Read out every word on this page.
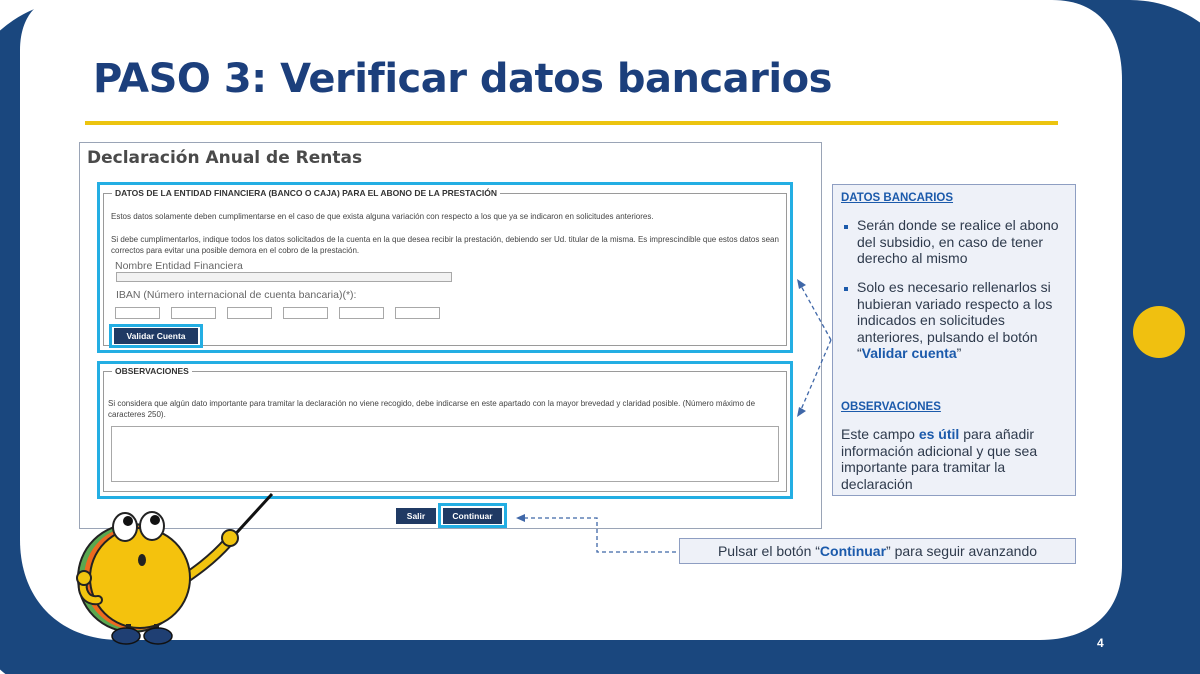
PASO 3: Verificar datos bancarios
Declaración Anual de Rentas
DATOS DE LA ENTIDAD FINANCIERA (BANCO O CAJA) PARA EL ABONO DE LA PRESTACIÓN
Estos datos solamente deben cumplimentarse en el caso de que exista alguna variación con respecto a los que ya se indicaron en solicitudes anteriores.
Si debe cumplimentarlos, indique todos los datos solicitados de la cuenta en la que desea recibir la prestación, debiendo ser Ud. titular de la misma. Es imprescindible que estos datos sean correctos para evitar una posible demora en el cobro de la prestación.
Nombre Entidad Financiera
IBAN (Número internacional de cuenta bancaria)(*):
Validar Cuenta
OBSERVACIONES
Si considera que algún dato importante para tramitar la declaración no viene recogido, debe indicarse en este apartado con la mayor brevedad y claridad posible. (Número máximo de caracteres 250).
Salir	Continuar
DATOS BANCARIOS
Serán donde se realice el abono del subsidio, en caso de tener derecho al mismo
Solo es necesario rellenarlos si hubieran variado respecto a los indicados en solicitudes anteriores, pulsando el botón “Validar cuenta”
OBSERVACIONES
Este campo es útil para añadir información adicional y que sea importante para tramitar la declaración
Pulsar el botón “Continuar” para seguir avanzando
4
